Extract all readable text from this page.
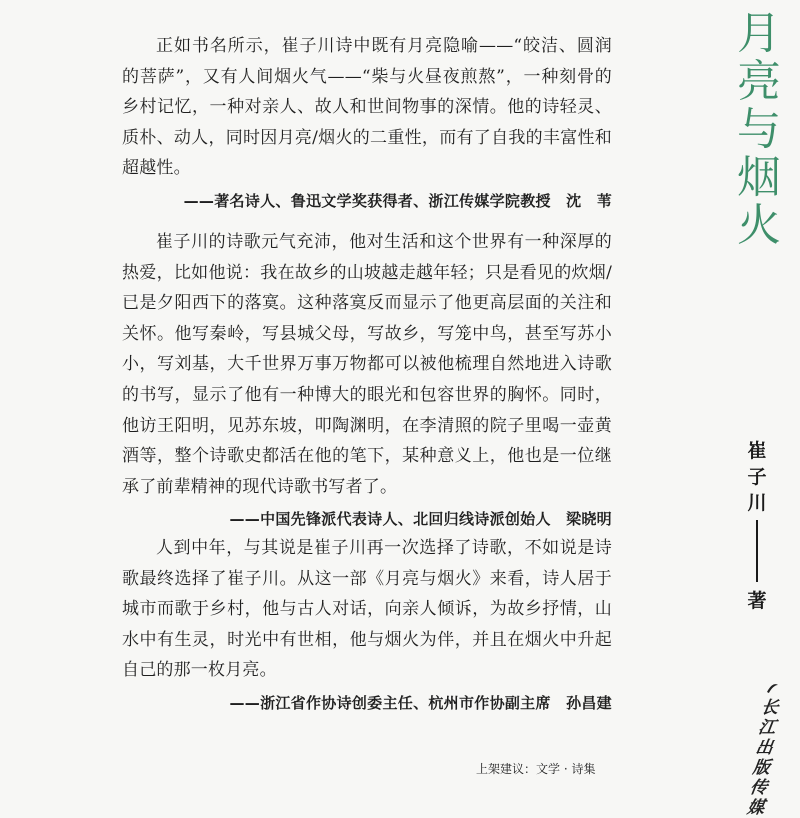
正如书名所示，崔子川诗中既有月亮隐喻——“皎洁、圆润的菩萨”，又有人间烟火气——“柴与火昼夜煎熬”，一种刻骨的乡村记忆，一种对亲人、故人和世间物事的深情。他的诗轻灵、质朴、动人，同时因月亮/烟火的二重性，而有了自我的丰富性和超越性。

——著名诗人、鲁迅文学奖获得者、浙江传媒学院教授　沈　苇

崔子川的诗歌元气充沛，他对生活和这个世界有一种深厚的热爱，比如他说：我在故乡的山坡越走越年轻；只是看见的炊烟/已是夕阳西下的落寞。这种落寞反而显示了他更高层面的关注和关怀。他写秦岭，写县城父母，写故乡，写笼中鸟，甚至写苏小小，写刘基，大千世界万事万物都可以被他梳理自然地进入诗歌的书写，显示了他有一种博大的眼光和包容世界的胸怀。同时，他访王阳明，见苏东坡，叩陶渊明，在李清照的院子里喝一壶黄酒等，整个诗歌史都活在他的笔下，某种意义上，他也是一位继承了前辈精神的现代诗歌书写者了。

——中国先锋派代表诗人、北回归线诗派创始人　梁晓明

人到中年，与其说是崔子川再一次选择了诗歌，不如说是诗歌最终选择了崔子川。从这一部《月亮与烟火》来看，诗人居于城市而歌于乡村，他与古人对话，向亲人倾诉，为故乡抒情，山水中有生灵，时光中有世相，他与烟火为伴，并且在烟火中升起自己的那一枚月亮。

——浙江省作协诗创委主任、杭州市作协副主席　孙昌建

月
亮
与
烟
火
崔
子
川
著
长
江
出
版
传
媒
上架建议：文学 · 诗集
